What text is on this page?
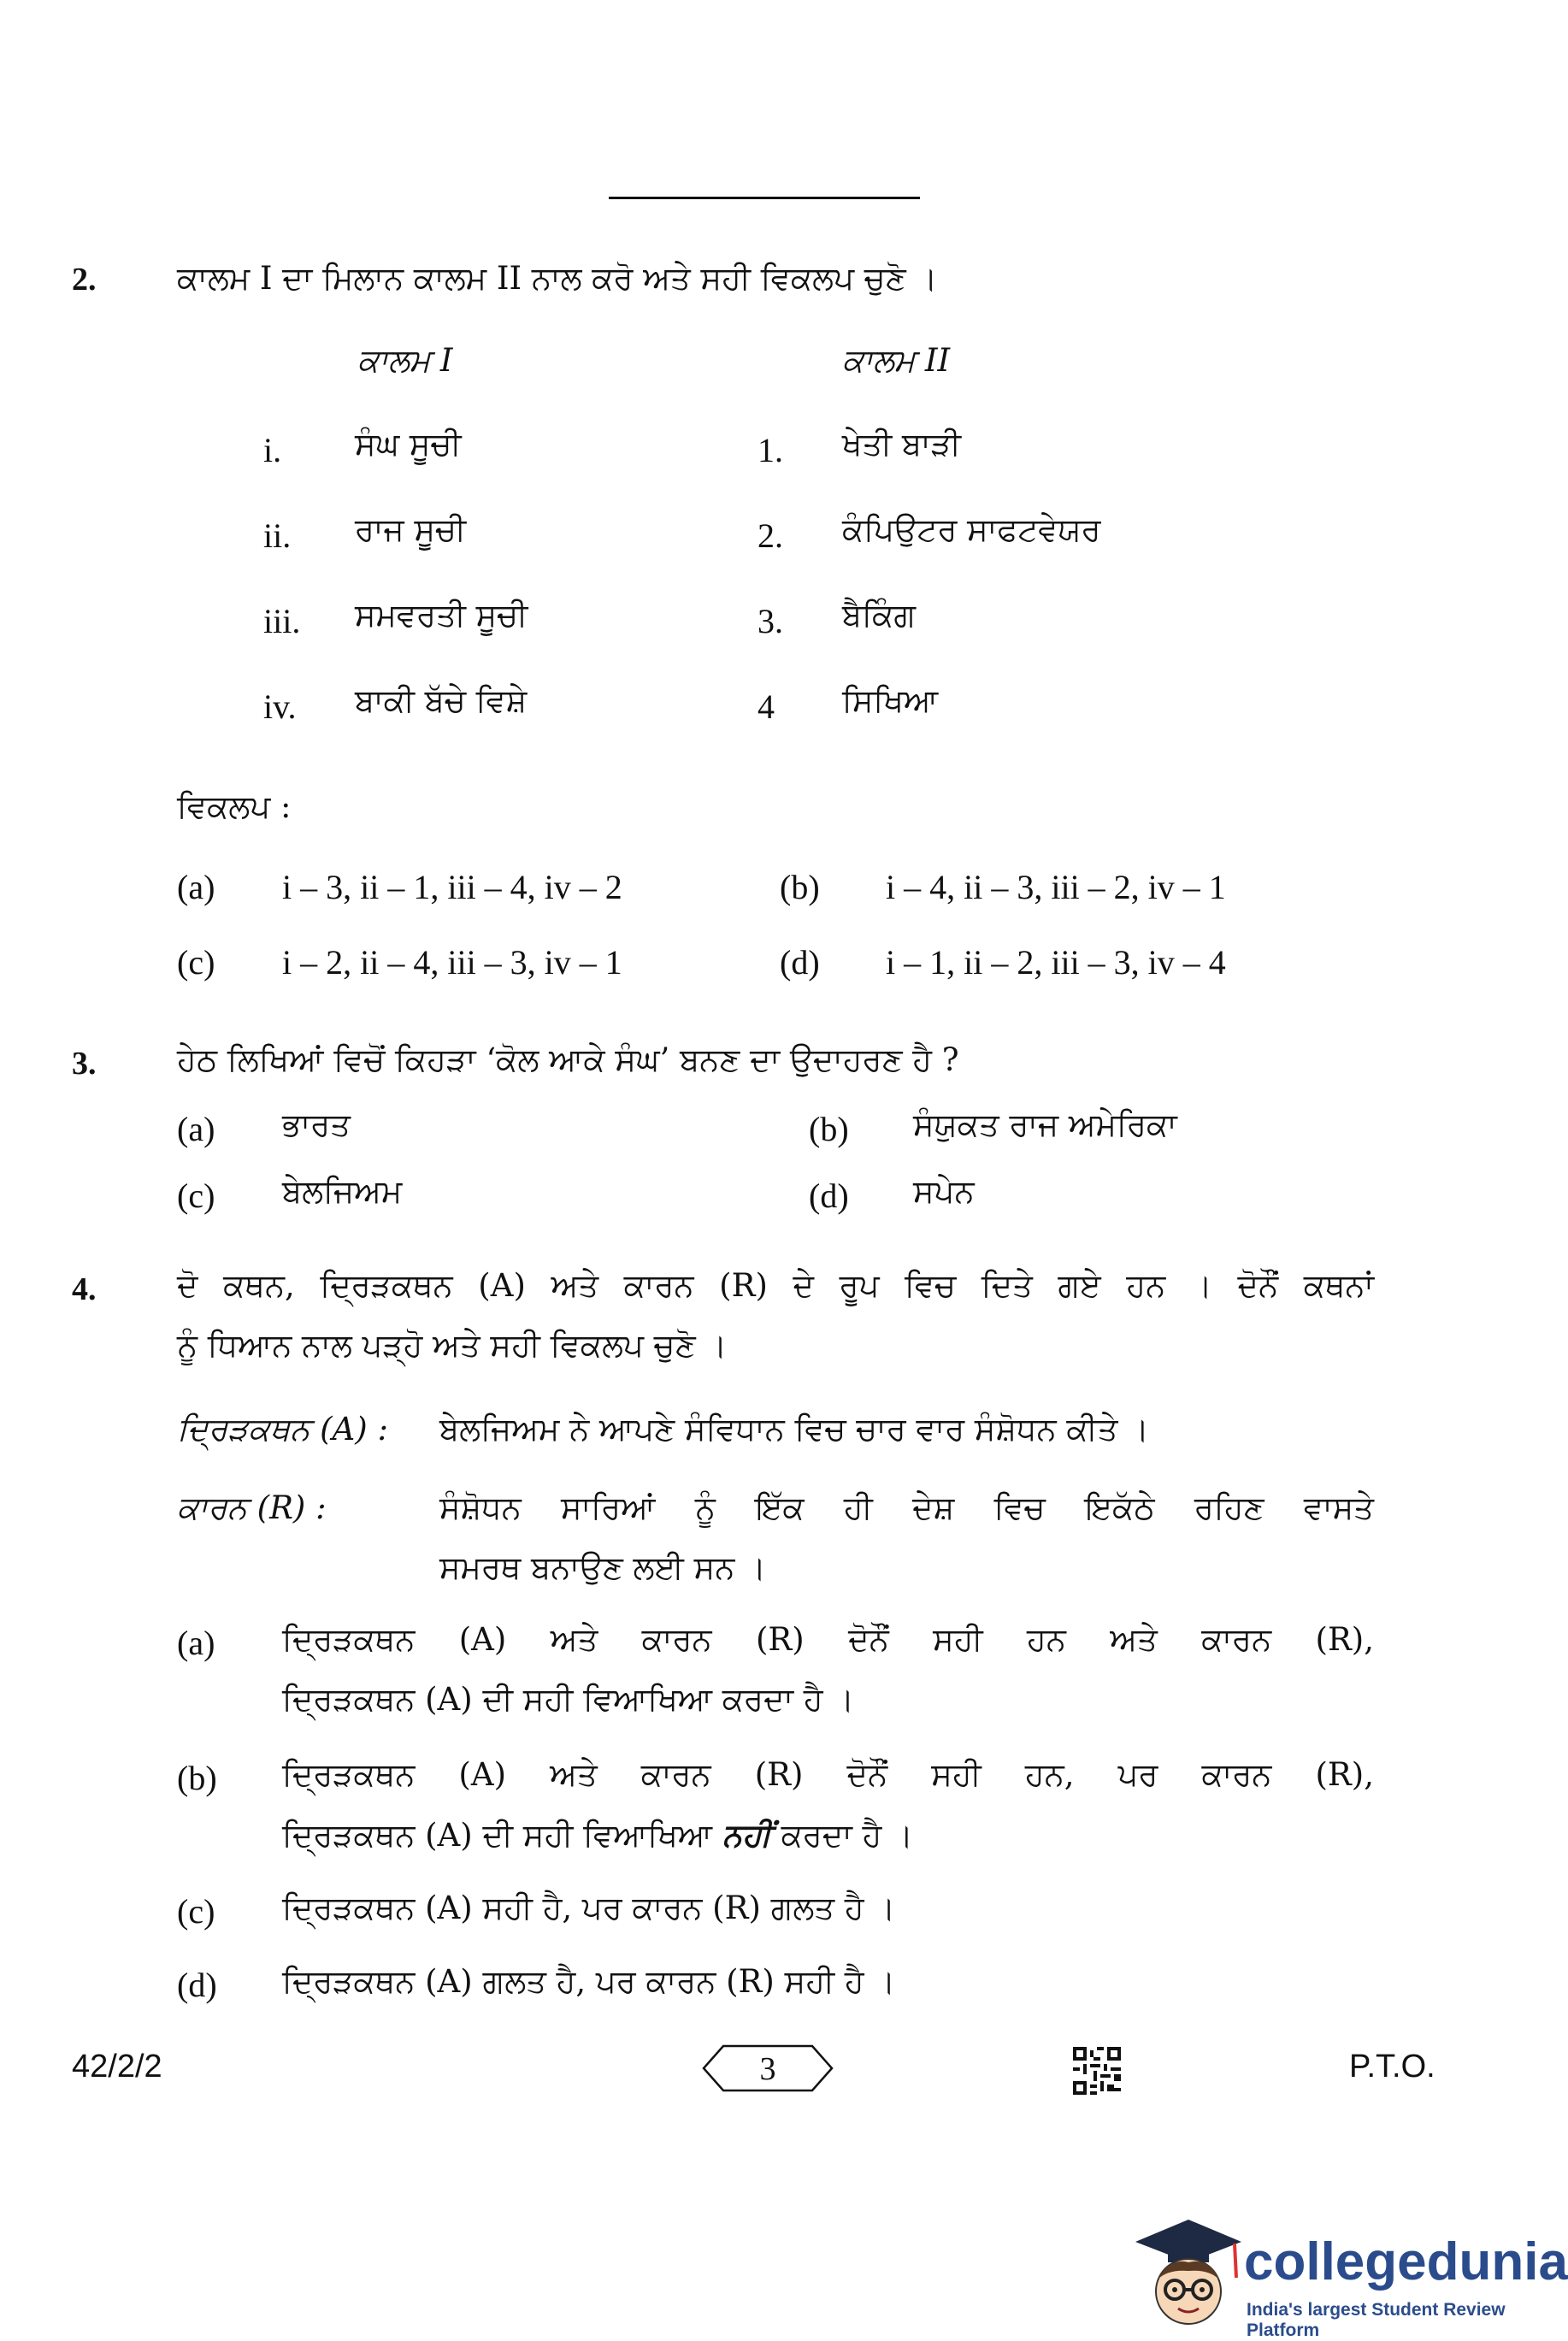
2.	ਕਾਲਮ I ਦਾ ਮਿਲਾਨ ਕਾਲਮ II ਨਾਲ ਕਰੋ ਅਤੇ ਸਹੀ ਵਿਕਲਪ ਚੁਣੋ ।
ਕਾਲਮ I	ਕਾਲਮ II
i. ਸੰਘ ਸੂਚੀ	1. ਖੇਤੀ ਬਾੜੀ
ii. ਰਾਜ ਸੂਚੀ	2. ਕੰਪਿਉਟਰ ਸਾਫਟਵੇਯਰ
iii. ਸਮਵਰਤੀ ਸੂਚੀ	3. ਬੈਕਿੰਗ
iv. ਬਾਕੀ ਬੱਚੇ ਵਿਸ਼ੇ	4 ਸਿਖਿਆ
ਵਿਕਲਪ :
(a) i – 3, ii – 1, iii – 4, iv – 2	(b) i – 4, ii – 3, iii – 2, iv – 1
(c) i – 2, ii – 4, iii – 3, iv – 1	(d) i – 1, ii – 2, iii – 3, iv – 4
3.	ਹੇਠ ਲਿਖਿਆਂ ਵਿਚੋਂ ਕਿਹੜਾ ‘ਕੋਲ ਆਕੇ ਸੰਘ’ ਬਨਣ ਦਾ ਉਦਾਹਰਣ ਹੈ ?
(a) ਭਾਰਤ	(b) ਸੰਯੁਕਤ ਰਾਜ ਅਮੇਰਿਕਾ
(c) ਬੇਲਜਿਅਮ	(d) ਸਪੇਨ
4.	ਦੋ ਕਥਨ, ਦ੍ਰਿੜਕਥਨ (A) ਅਤੇ ਕਾਰਨ (R) ਦੇ ਰੂਪ ਵਿਚ ਦਿਤੇ ਗਏ ਹਨ । ਦੋਨੌਂ ਕਥਨਾਂ
ਨੂੰ ਧਿਆਨ ਨਾਲ ਪੜ੍ਹੋ ਅਤੇ ਸਹੀ ਵਿਕਲਪ ਚੁਣੋ ।
ਦ੍ਰਿੜਕਥਨ (A) : ਬੇਲਜਿਅਮ ਨੇ ਆਪਣੇ ਸੰਵਿਧਾਨ ਵਿਚ ਚਾਰ ਵਾਰ ਸੰਸ਼ੋਧਨ ਕੀਤੇ ।
ਕਾਰਨ (R) :	ਸੰਸ਼ੋਧਨ ਸਾਰਿਆਂ ਨੂੰ ਇੱਕ ਹੀ ਦੇਸ਼ ਵਿਚ ਇਕੱਠੇ ਰਹਿਣ ਵਾਸਤੇ
ਸਮਰਥ ਬਨਾਉਣ ਲਈ ਸਨ ।
(a) ਦ੍ਰਿੜਕਥਨ (A) ਅਤੇ ਕਾਰਨ (R) ਦੋਨੌਂ ਸਹੀ ਹਨ ਅਤੇ ਕਾਰਨ (R),
ਦ੍ਰਿੜਕਥਨ (A) ਦੀ ਸਹੀ ਵਿਆਖਿਆ ਕਰਦਾ ਹੈ ।
(b) ਦ੍ਰਿੜਕਥਨ (A) ਅਤੇ ਕਾਰਨ (R) ਦੋਨੌਂ ਸਹੀ ਹਨ, ਪਰ ਕਾਰਨ (R),
ਦ੍ਰਿੜਕਥਨ (A) ਦੀ ਸਹੀ ਵਿਆਖਿਆ ਨਹੀਂ ਕਰਦਾ ਹੈ ।
(c) ਦ੍ਰਿੜਕਥਨ (A) ਸਹੀ ਹੈ, ਪਰ ਕਾਰਨ (R) ਗਲਤ ਹੈ ।
(d) ਦ੍ਰਿੜਕਥਨ (A) ਗਲਤ ਹੈ, ਪਰ ਕਾਰਨ (R) ਸਹੀ ਹੈ ।
42/2/2	3	P.T.O.
collegedunia
India's largest Student Review Platform
